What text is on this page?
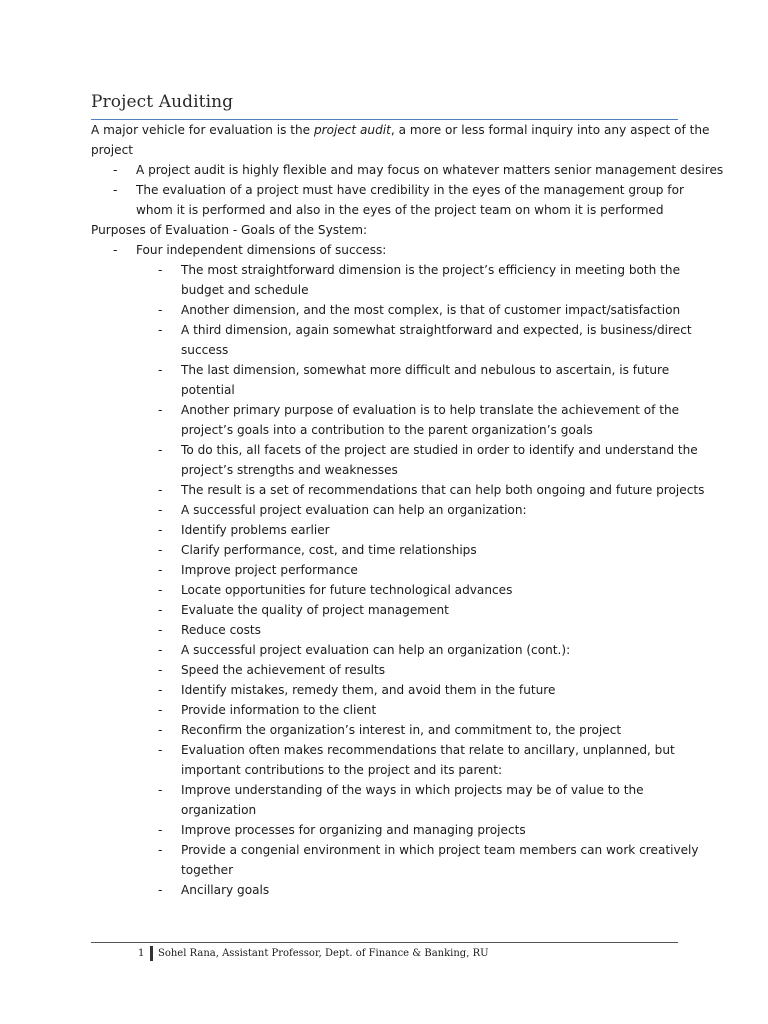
Project Auditing
A major vehicle for evaluation is the project audit, a more or less formal inquiry into any aspect of the
project
- A project audit is highly flexible and may focus on whatever matters senior management desires
- The evaluation of a project must have credibility in the eyes of the management group for
whom it is performed and also in the eyes of the project team on whom it is performed
Purposes of Evaluation - Goals of the System:
- Four independent dimensions of success:
- The most straightforward dimension is the project’s efficiency in meeting both the
budget and schedule
- Another dimension, and the most complex, is that of customer impact/satisfaction
- A third dimension, again somewhat straightforward and expected, is business/direct
success
- The last dimension, somewhat more difficult and nebulous to ascertain, is future
potential
- Another primary purpose of evaluation is to help translate the achievement of the
project’s goals into a contribution to the parent organization’s goals
- To do this, all facets of the project are studied in order to identify and understand the
project’s strengths and weaknesses
- The result is a set of recommendations that can help both ongoing and future projects
- A successful project evaluation can help an organization:
- Identify problems earlier
- Clarify performance, cost, and time relationships
- Improve project performance
- Locate opportunities for future technological advances
- Evaluate the quality of project management
- Reduce costs
- A successful project evaluation can help an organization (cont.):
- Speed the achievement of results
- Identify mistakes, remedy them, and avoid them in the future
- Provide information to the client
- Reconfirm the organization’s interest in, and commitment to, the project
- Evaluation often makes recommendations that relate to ancillary, unplanned, but
important contributions to the project and its parent:
- Improve understanding of the ways in which projects may be of value to the
organization
- Improve processes for organizing and managing projects
- Provide a congenial environment in which project team members can work creatively
together
- Ancillary goals
1 Sohel Rana, Assistant Professor, Dept. of Finance & Banking, RU
